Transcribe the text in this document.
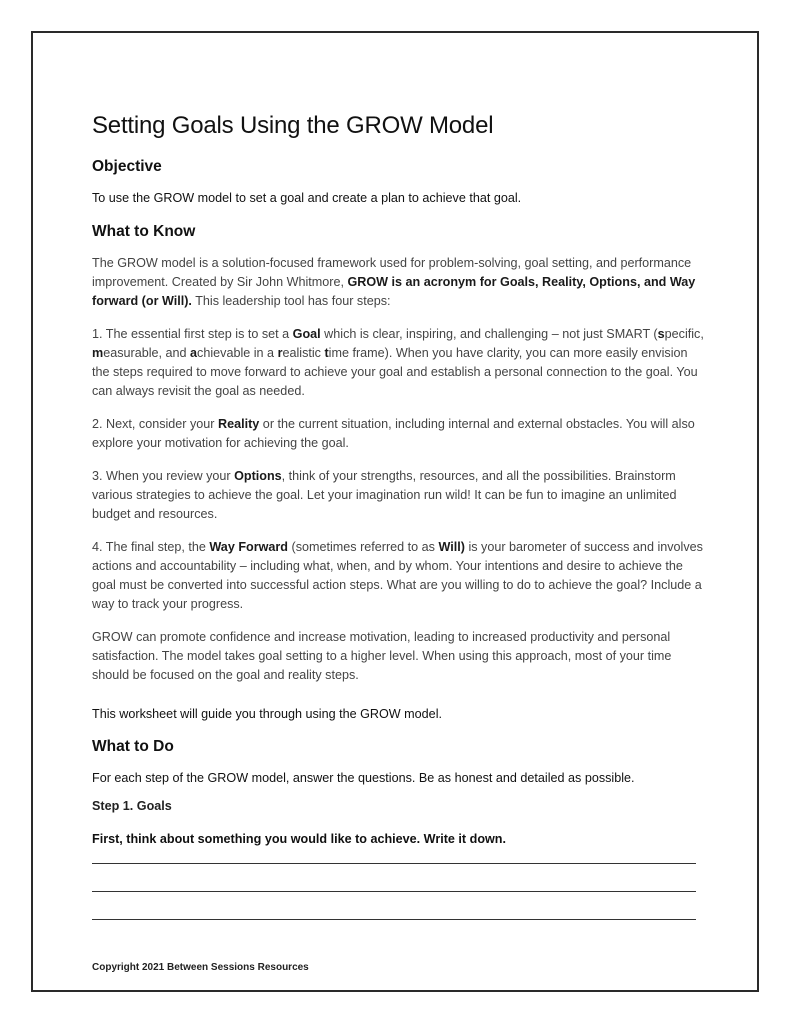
Setting Goals Using the GROW Model
Objective

To use the GROW model to set a goal and create a plan to achieve that goal.

What to Know

The GROW model is a solution-focused framework used for problem-solving, goal setting, and performance improvement. Created by Sir John Whitmore, GROW is an acronym for Goals, Reality, Options, and Way forward (or Will). This leadership tool has four steps:

1. The essential first step is to set a Goal which is clear, inspiring, and challenging – not just SMART (specific, measurable, and achievable in a realistic time frame). When you have clarity, you can more easily envision the steps required to move forward to achieve your goal and establish a personal connection to the goal. You can always revisit the goal as needed.

2. Next, consider your Reality or the current situation, including internal and external obstacles. You will also explore your motivation for achieving the goal.

3. When you review your Options, think of your strengths, resources, and all the possibilities. Brainstorm various strategies to achieve the goal. Let your imagination run wild! It can be fun to imagine an unlimited budget and resources.

4. The final step, the Way Forward (sometimes referred to as Will) is your barometer of success and involves actions and accountability – including what, when, and by whom. Your intentions and desire to achieve the goal must be converted into successful action steps. What are you willing to do to achieve the goal? Include a way to track your progress.

GROW can promote confidence and increase motivation, leading to increased productivity and personal satisfaction. The model takes goal setting to a higher level. When using this approach, most of your time should be focused on the goal and reality steps.

This worksheet will guide you through using the GROW model.

What to Do

For each step of the GROW model, answer the questions. Be as honest and detailed as possible.

Step 1. Goals
First, think about something you would like to achieve. Write it down.
Copyright 2021 Between Sessions Resources
